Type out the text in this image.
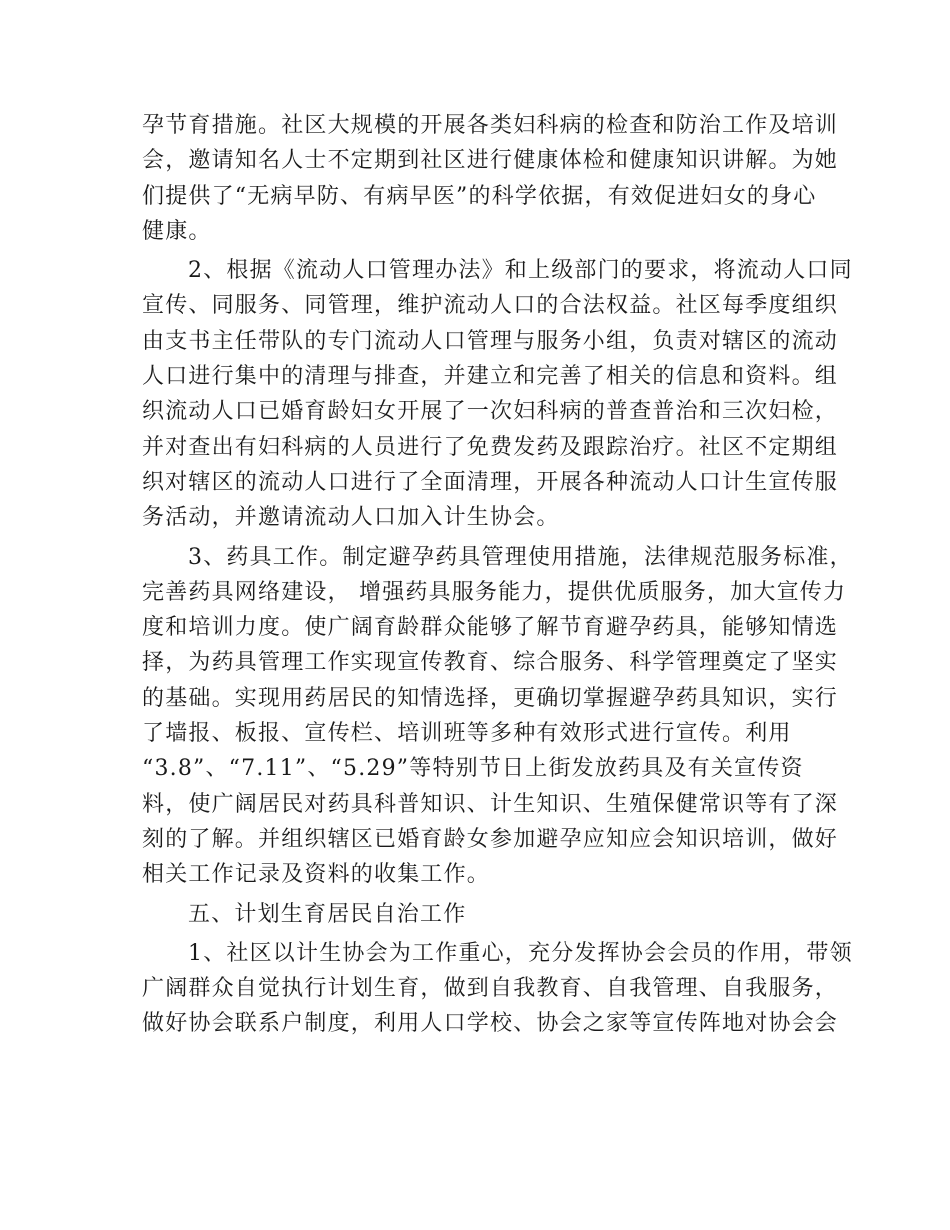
孕节育措施。社区大规模的开展各类妇科病的检查和防治工作及培训
会，邀请知名人士不定期到社区进行健康体检和健康知识讲解。为她
们提供了“无病早防、有病早医”的科学依据，有效促进妇女的身心
健康。
2、根据《流动人口管理办法》和上级部门的要求，将流动人口同
宣传、同服务、同管理，维护流动人口的合法权益。社区每季度组织
由支书主任带队的专门流动人口管理与服务小组，负责对辖区的流动
人口进行集中的清理与排查，并建立和完善了相关的信息和资料。组
织流动人口已婚育龄妇女开展了一次妇科病的普查普治和三次妇检，
并对查出有妇科病的人员进行了免费发药及跟踪治疗。社区不定期组
织对辖区的流动人口进行了全面清理，开展各种流动人口计生宣传服
务活动，并邀请流动人口加入计生协会。
3、药具工作。制定避孕药具管理使用措施，法律规范服务标准，
完善药具网络建设， 增强药具服务能力，提供优质服务，加大宣传力
度和培训力度。使广阔育龄群众能够了解节育避孕药具，能够知情选
择，为药具管理工作实现宣传教育、综合服务、科学管理奠定了坚实
的基础。实现用药居民的知情选择，更确切掌握避孕药具知识，实行
了墙报、板报、宣传栏、培训班等多种有效形式进行宣传。利用
“3.8”、“7.11”、“5.29”等特别节日上街发放药具及有关宣传资
料，使广阔居民对药具科普知识、计生知识、生殖保健常识等有了深
刻的了解。并组织辖区已婚育龄女参加避孕应知应会知识培训，做好
相关工作记录及资料的收集工作。
五、计划生育居民自治工作
1、社区以计生协会为工作重心，充分发挥协会会员的作用，带领
广阔群众自觉执行计划生育，做到自我教育、自我管理、自我服务，
做好协会联系户制度，利用人口学校、协会之家等宣传阵地对协会会
